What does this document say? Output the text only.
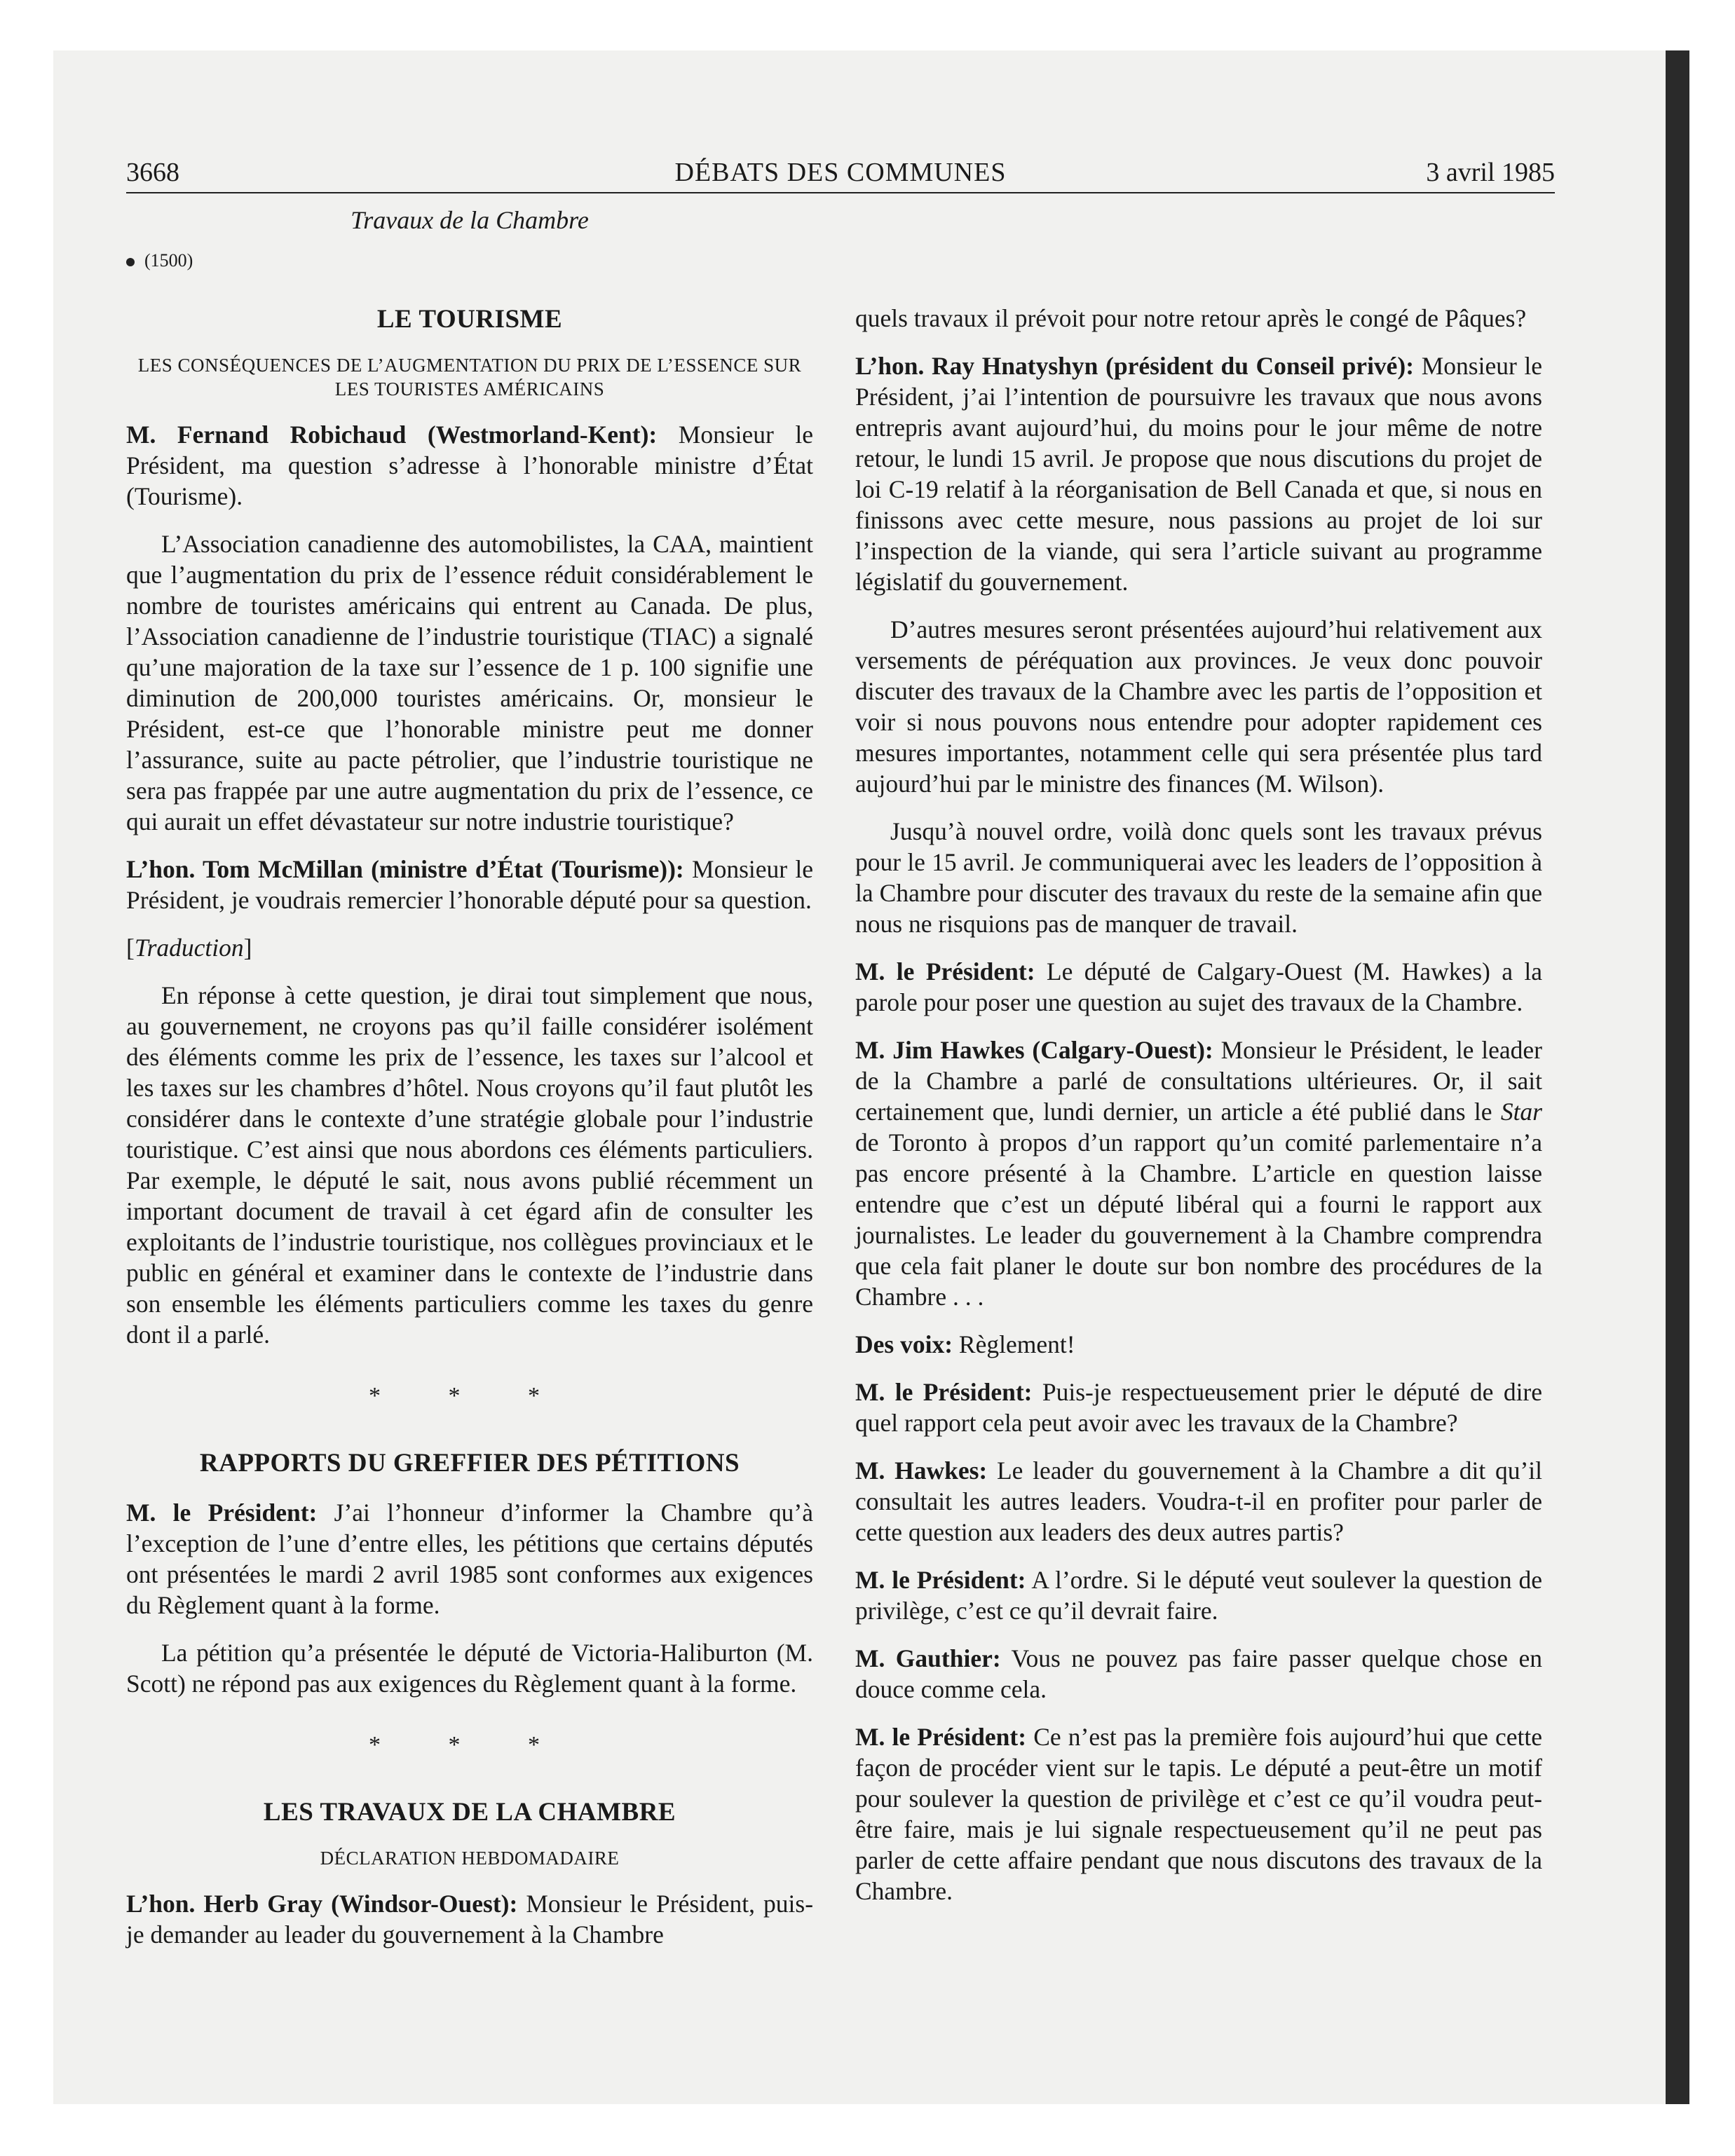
3668	DÉBATS DES COMMUNES	3 avril 1985
Travaux de la Chambre
(1500)
LE TOURISME
LES CONSÉQUENCES DE L’AUGMENTATION DU PRIX DE L’ESSENCE SUR LES TOURISTES AMÉRICAINS

M. Fernand Robichaud (Westmorland-Kent): Monsieur le Président, ma question s’adresse à l’honorable ministre d’État (Tourisme).

L’Association canadienne des automobilistes, la CAA, maintient que l’augmentation du prix de l’essence réduit considérablement le nombre de touristes américains qui entrent au Canada. De plus, l’Association canadienne de l’industrie touristique (TIAC) a signalé qu’une majoration de la taxe sur l’essence de 1 p. 100 signifie une diminution de 200,000 touristes américains. Or, monsieur le Président, est-ce que l’honorable ministre peut me donner l’assurance, suite au pacte pétrolier, que l’industrie touristique ne sera pas frappée par une autre augmentation du prix de l’essence, ce qui aurait un effet dévastateur sur notre industrie touristique?

L’hon. Tom McMillan (ministre d’État (Tourisme)): Monsieur le Président, je voudrais remercier l’honorable député pour sa question.

[Traduction]

En réponse à cette question, je dirai tout simplement que nous, au gouvernement, ne croyons pas qu’il faille considérer isolément des éléments comme les prix de l’essence, les taxes sur l’alcool et les taxes sur les chambres d’hôtel. Nous croyons qu’il faut plutôt les considérer dans le contexte d’une stratégie globale pour l’industrie touristique. C’est ainsi que nous abordons ces éléments particuliers. Par exemple, le député le sait, nous avons publié récemment un important document de travail à cet égard afin de consulter les exploitants de l’industrie touristique, nos collègues provinciaux et le public en général et examiner dans le contexte de l’industrie dans son ensemble les éléments particuliers comme les taxes du genre dont il a parlé.

* * *
RAPPORTS DU GREFFIER DES PÉTITIONS

M. le Président: J’ai l’honneur d’informer la Chambre qu’à l’exception de l’une d’entre elles, les pétitions que certains députés ont présentées le mardi 2 avril 1985 sont conformes aux exigences du Règlement quant à la forme.

La pétition qu’a présentée le député de Victoria-Haliburton (M. Scott) ne répond pas aux exigences du Règlement quant à la forme.

* * *
LES TRAVAUX DE LA CHAMBRE
DÉCLARATION HEBDOMADAIRE

L’hon. Herb Gray (Windsor-Ouest): Monsieur le Président, puis-je demander au leader du gouvernement à la Chambre

quels travaux il prévoit pour notre retour après le congé de Pâques?

L’hon. Ray Hnatyshyn (président du Conseil privé): Monsieur le Président, j’ai l’intention de poursuivre les travaux que nous avons entrepris avant aujourd’hui, du moins pour le jour même de notre retour, le lundi 15 avril. Je propose que nous discutions du projet de loi C-19 relatif à la réorganisation de Bell Canada et que, si nous en finissons avec cette mesure, nous passions au projet de loi sur l’inspection de la viande, qui sera l’article suivant au programme législatif du gouvernement.

D’autres mesures seront présentées aujourd’hui relativement aux versements de péréquation aux provinces. Je veux donc pouvoir discuter des travaux de la Chambre avec les partis de l’opposition et voir si nous pouvons nous entendre pour adopter rapidement ces mesures importantes, notamment celle qui sera présentée plus tard aujourd’hui par le ministre des finances (M. Wilson).

Jusqu’à nouvel ordre, voilà donc quels sont les travaux prévus pour le 15 avril. Je communiquerai avec les leaders de l’opposition à la Chambre pour discuter des travaux du reste de la semaine afin que nous ne risquions pas de manquer de travail.

M. le Président: Le député de Calgary-Ouest (M. Hawkes) a la parole pour poser une question au sujet des travaux de la Chambre.

M. Jim Hawkes (Calgary-Ouest): Monsieur le Président, le leader de la Chambre a parlé de consultations ultérieures. Or, il sait certainement que, lundi dernier, un article a été publié dans le Star de Toronto à propos d’un rapport qu’un comité parlementaire n’a pas encore présenté à la Chambre. L’article en question laisse entendre que c’est un député libéral qui a fourni le rapport aux journalistes. Le leader du gouvernement à la Chambre comprendra que cela fait planer le doute sur bon nombre des procédures de la Chambre . . .

Des voix: Règlement!

M. le Président: Puis-je respectueusement prier le député de dire quel rapport cela peut avoir avec les travaux de la Chambre?

M. Hawkes: Le leader du gouvernement à la Chambre a dit qu’il consultait les autres leaders. Voudra-t-il en profiter pour parler de cette question aux leaders des deux autres partis?

M. le Président: A l’ordre. Si le député veut soulever la question de privilège, c’est ce qu’il devrait faire.

M. Gauthier: Vous ne pouvez pas faire passer quelque chose en douce comme cela.

M. le Président: Ce n’est pas la première fois aujourd’hui que cette façon de procéder vient sur le tapis. Le député a peut-être un motif pour soulever la question de privilège et c’est ce qu’il voudra peut-être faire, mais je lui signale respectueusement qu’il ne peut pas parler de cette affaire pendant que nous discutons des travaux de la Chambre.
